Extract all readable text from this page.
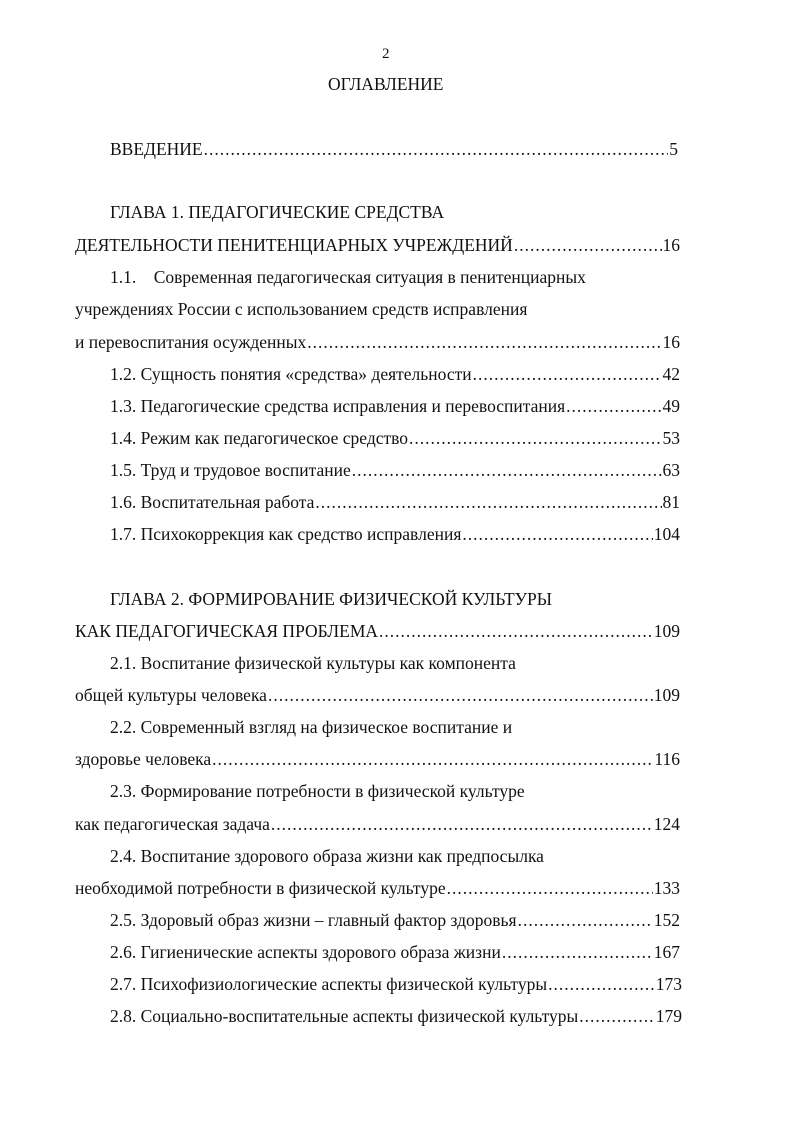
2
ОГЛАВЛЕНИЕ
ВВЕДЕНИЕ .....	5
ГЛАВА 1. ПЕДАГОГИЧЕСКИЕ СРЕДСТВА
ДЕЯТЕЛЬНОСТИ ПЕНИТЕНЦИАРНЫХ УЧРЕЖДЕНИЙ .....	16
1.1.    Современная педагогическая ситуация в пенитенциарных
учреждениях России с использованием средств исправления
и перевоспитания осужденных .....	16
1.2. Сущность понятия «средства» деятельности .....	42
1.3. Педагогические средства исправления и перевоспитания .....	49
1.4. Режим как педагогическое средство .....	53
1.5. Труд и трудовое воспитание .....	63
1.6. Воспитательная работа .....	81
1.7. Психокоррекция как средство исправления .....	104
ГЛАВА 2. ФОРМИРОВАНИЕ ФИЗИЧЕСКОЙ КУЛЬТУРЫ
КАК ПЕДАГОГИЧЕСКАЯ ПРОБЛЕМА .....	109
2.1. Воспитание физической культуры как компонента
общей культуры человека .....	109
2.2. Современный взгляд на физическое воспитание и
здоровье человека .....	116
2.3. Формирование потребности в физической культуре
как педагогическая задача .....	124
2.4. Воспитание здорового образа жизни как предпосылка
необходимой потребности в физической культуре .....	133
2.5. Здоровый образ жизни – главный фактор здоровья .....	152
2.6. Гигиенические аспекты здорового образа жизни .....	167
2.7. Психофизиологические аспекты физической культуры .....	173
2.8. Социально-воспитательные аспекты физической культуры .....	179
